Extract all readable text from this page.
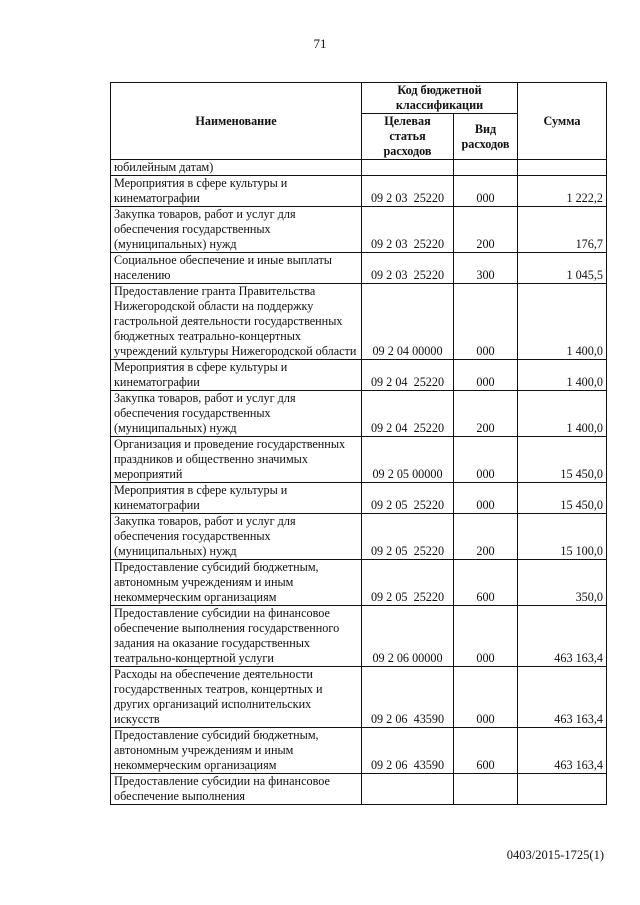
71
Наименование	Код бюджетной классификации		Сумма
	Целевая статья расходов	Вид расходов	
юбилейным датам)			
Мероприятия в сфере культуры и кинематографии	09 2 03  25220	000	1 222,2
Закупка товаров, работ и услуг для обеспечения государственных (муниципальных) нужд	09 2 03  25220	200	176,7
Социальное обеспечение и иные выплаты населению	09 2 03  25220	300	1 045,5
Предоставление гранта Правительства Нижегородской области на поддержку гастрольной деятельности государственных бюджетных театрально-концертных учреждений культуры Нижегородской области	09 2 04 00000	000	1 400,0
Мероприятия в сфере культуры и кинематографии	09 2 04  25220	000	1 400,0
Закупка товаров, работ и услуг для обеспечения государственных (муниципальных) нужд	09 2 04  25220	200	1 400,0
Организация и проведение государственных праздников и общественно значимых мероприятий	09 2 05 00000	000	15 450,0
Мероприятия в сфере культуры и кинематографии	09 2 05  25220	000	15 450,0
Закупка товаров, работ и услуг для обеспечения государственных (муниципальных) нужд	09 2 05  25220	200	15 100,0
Предоставление субсидий бюджетным, автономным учреждениям и иным некоммерческим организациям	09 2 05  25220	600	350,0
Предоставление субсидии на финансовое обеспечение выполнения государственного задания на оказание государственных театрально-концертной услуги	09 2 06 00000	000	463 163,4
Расходы на обеспечение деятельности государственных театров, концертных и других организаций исполнительских искусств	09 2 06  43590	000	463 163,4
Предоставление субсидий бюджетным, автономным учреждениям и иным некоммерческим организациям	09 2 06  43590	600	463 163,4
Предоставление субсидии на финансовое обеспечение выполнения			
0403/2015-1725(1)
